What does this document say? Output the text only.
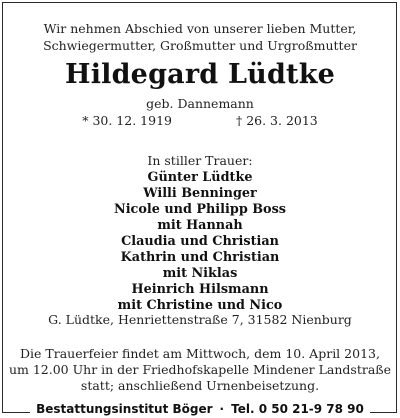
Wir nehmen Abschied von unserer lieben Mutter,
Schwiegermutter, Großmutter und Urgroßmutter
Hildegard Lüdtke
geb. Dannemann
* 30. 12. 1919	† 26. 3. 2013
In stiller Trauer:
Günter Lüdtke
Willi Benninger
Nicole und Philipp Boss
mit Hannah
Claudia und Christian
Kathrin und Christian
mit Niklas
Heinrich Hilsmann
mit Christine und Nico
G. Lüdtke, Henriettenstraße 7, 31582 Nienburg
Die Trauerfeier findet am Mittwoch, dem 10. April 2013,
um 12.00 Uhr in der Friedhofskapelle Mindener Landstraße
statt; anschließend Urnenbeisetzung.
Bestattungsinstitut Böger · Tel. 0 50 21-9 78 90
